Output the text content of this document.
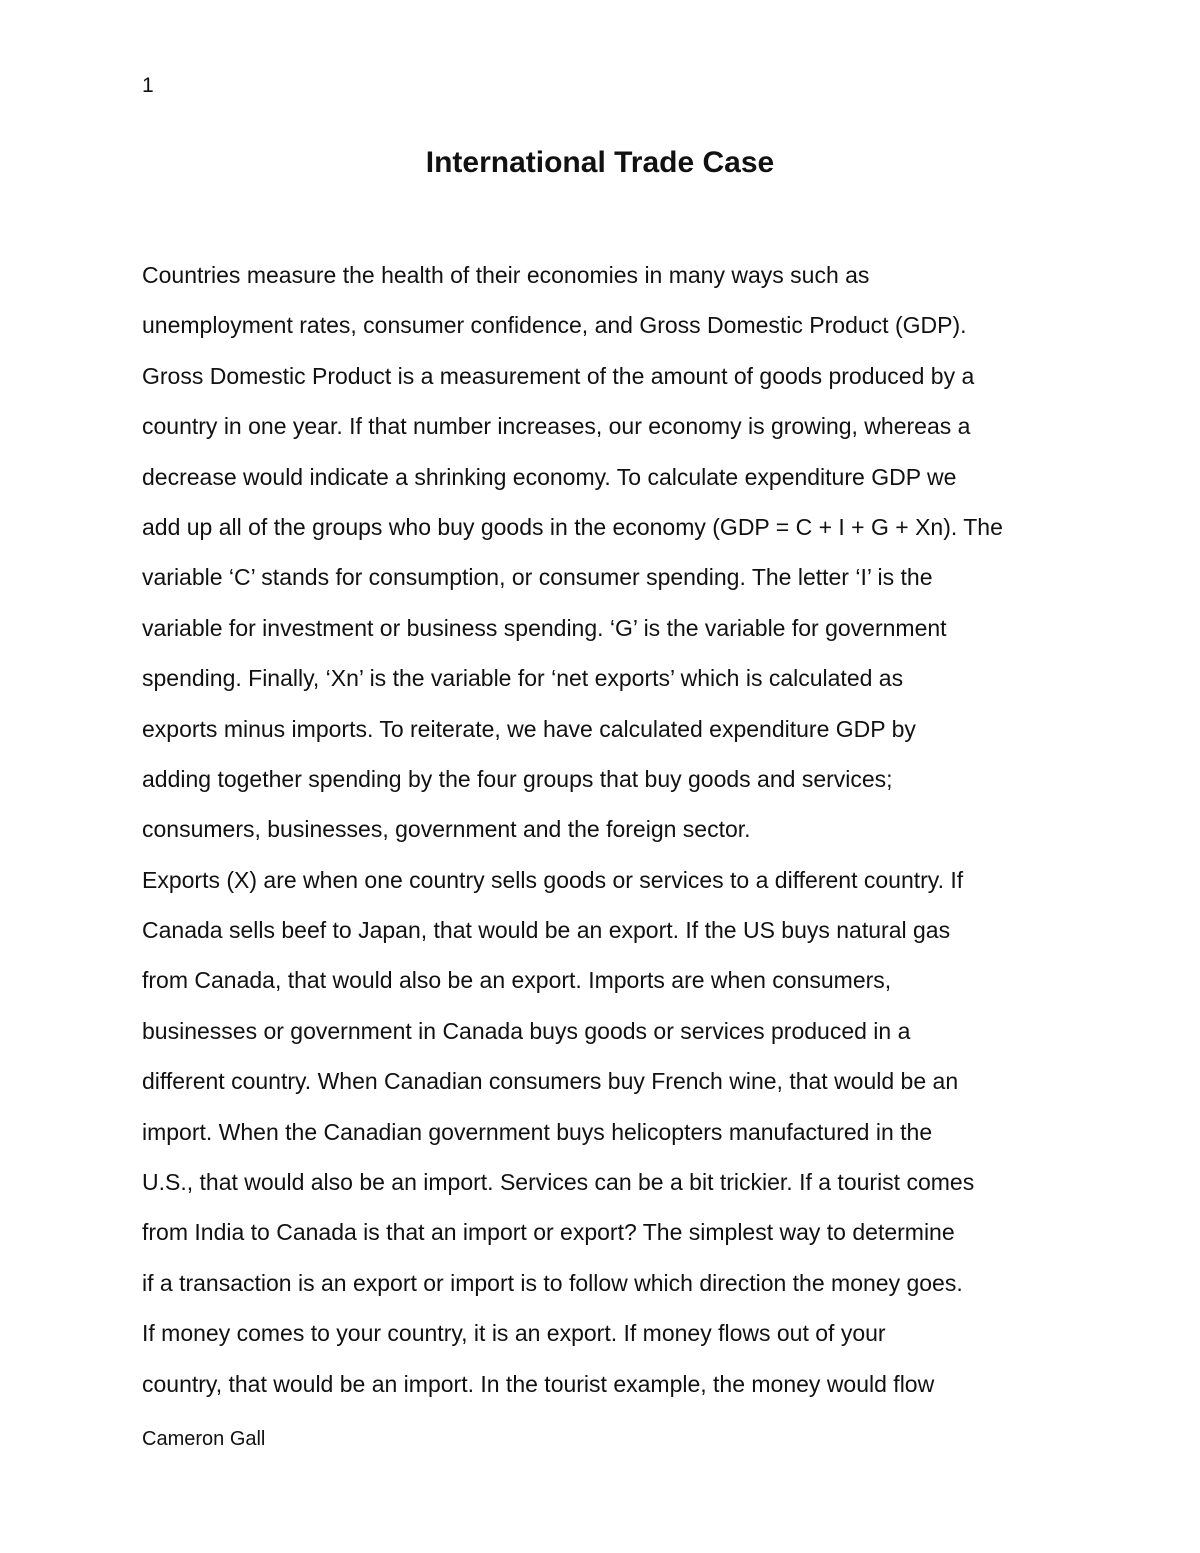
1
International Trade Case
Countries measure the health of their economies in many ways such as
unemployment rates, consumer confidence, and Gross Domestic Product (GDP).
Gross Domestic Product is a measurement of the amount of goods produced by a
country in one year. If that number increases, our economy is growing, whereas a
decrease would indicate a shrinking economy. To calculate expenditure GDP we
add up all of the groups who buy goods in the economy (GDP = C + I + G + Xn). The
variable ‘C’ stands for consumption, or consumer spending. The letter ‘I’ is the
variable for investment or business spending. ‘G’ is the variable for government
spending. Finally, ‘Xn’ is the variable for ‘net exports’ which is calculated as
exports minus imports. To reiterate, we have calculated expenditure GDP by
adding together spending by the four groups that buy goods and services;
consumers, businesses, government and the foreign sector.
Exports (X) are when one country sells goods or services to a different country. If
Canada sells beef to Japan, that would be an export. If the US buys natural gas
from Canada, that would also be an export. Imports are when consumers,
businesses or government in Canada buys goods or services produced in a
different country. When Canadian consumers buy French wine, that would be an
import. When the Canadian government buys helicopters manufactured in the
U.S., that would also be an import. Services can be a bit trickier. If a tourist comes
from India to Canada is that an import or export? The simplest way to determine
if a transaction is an export or import is to follow which direction the money goes.
If money comes to your country, it is an export. If money flows out of your
country, that would be an import. In the tourist example, the money would flow
Cameron Gall
